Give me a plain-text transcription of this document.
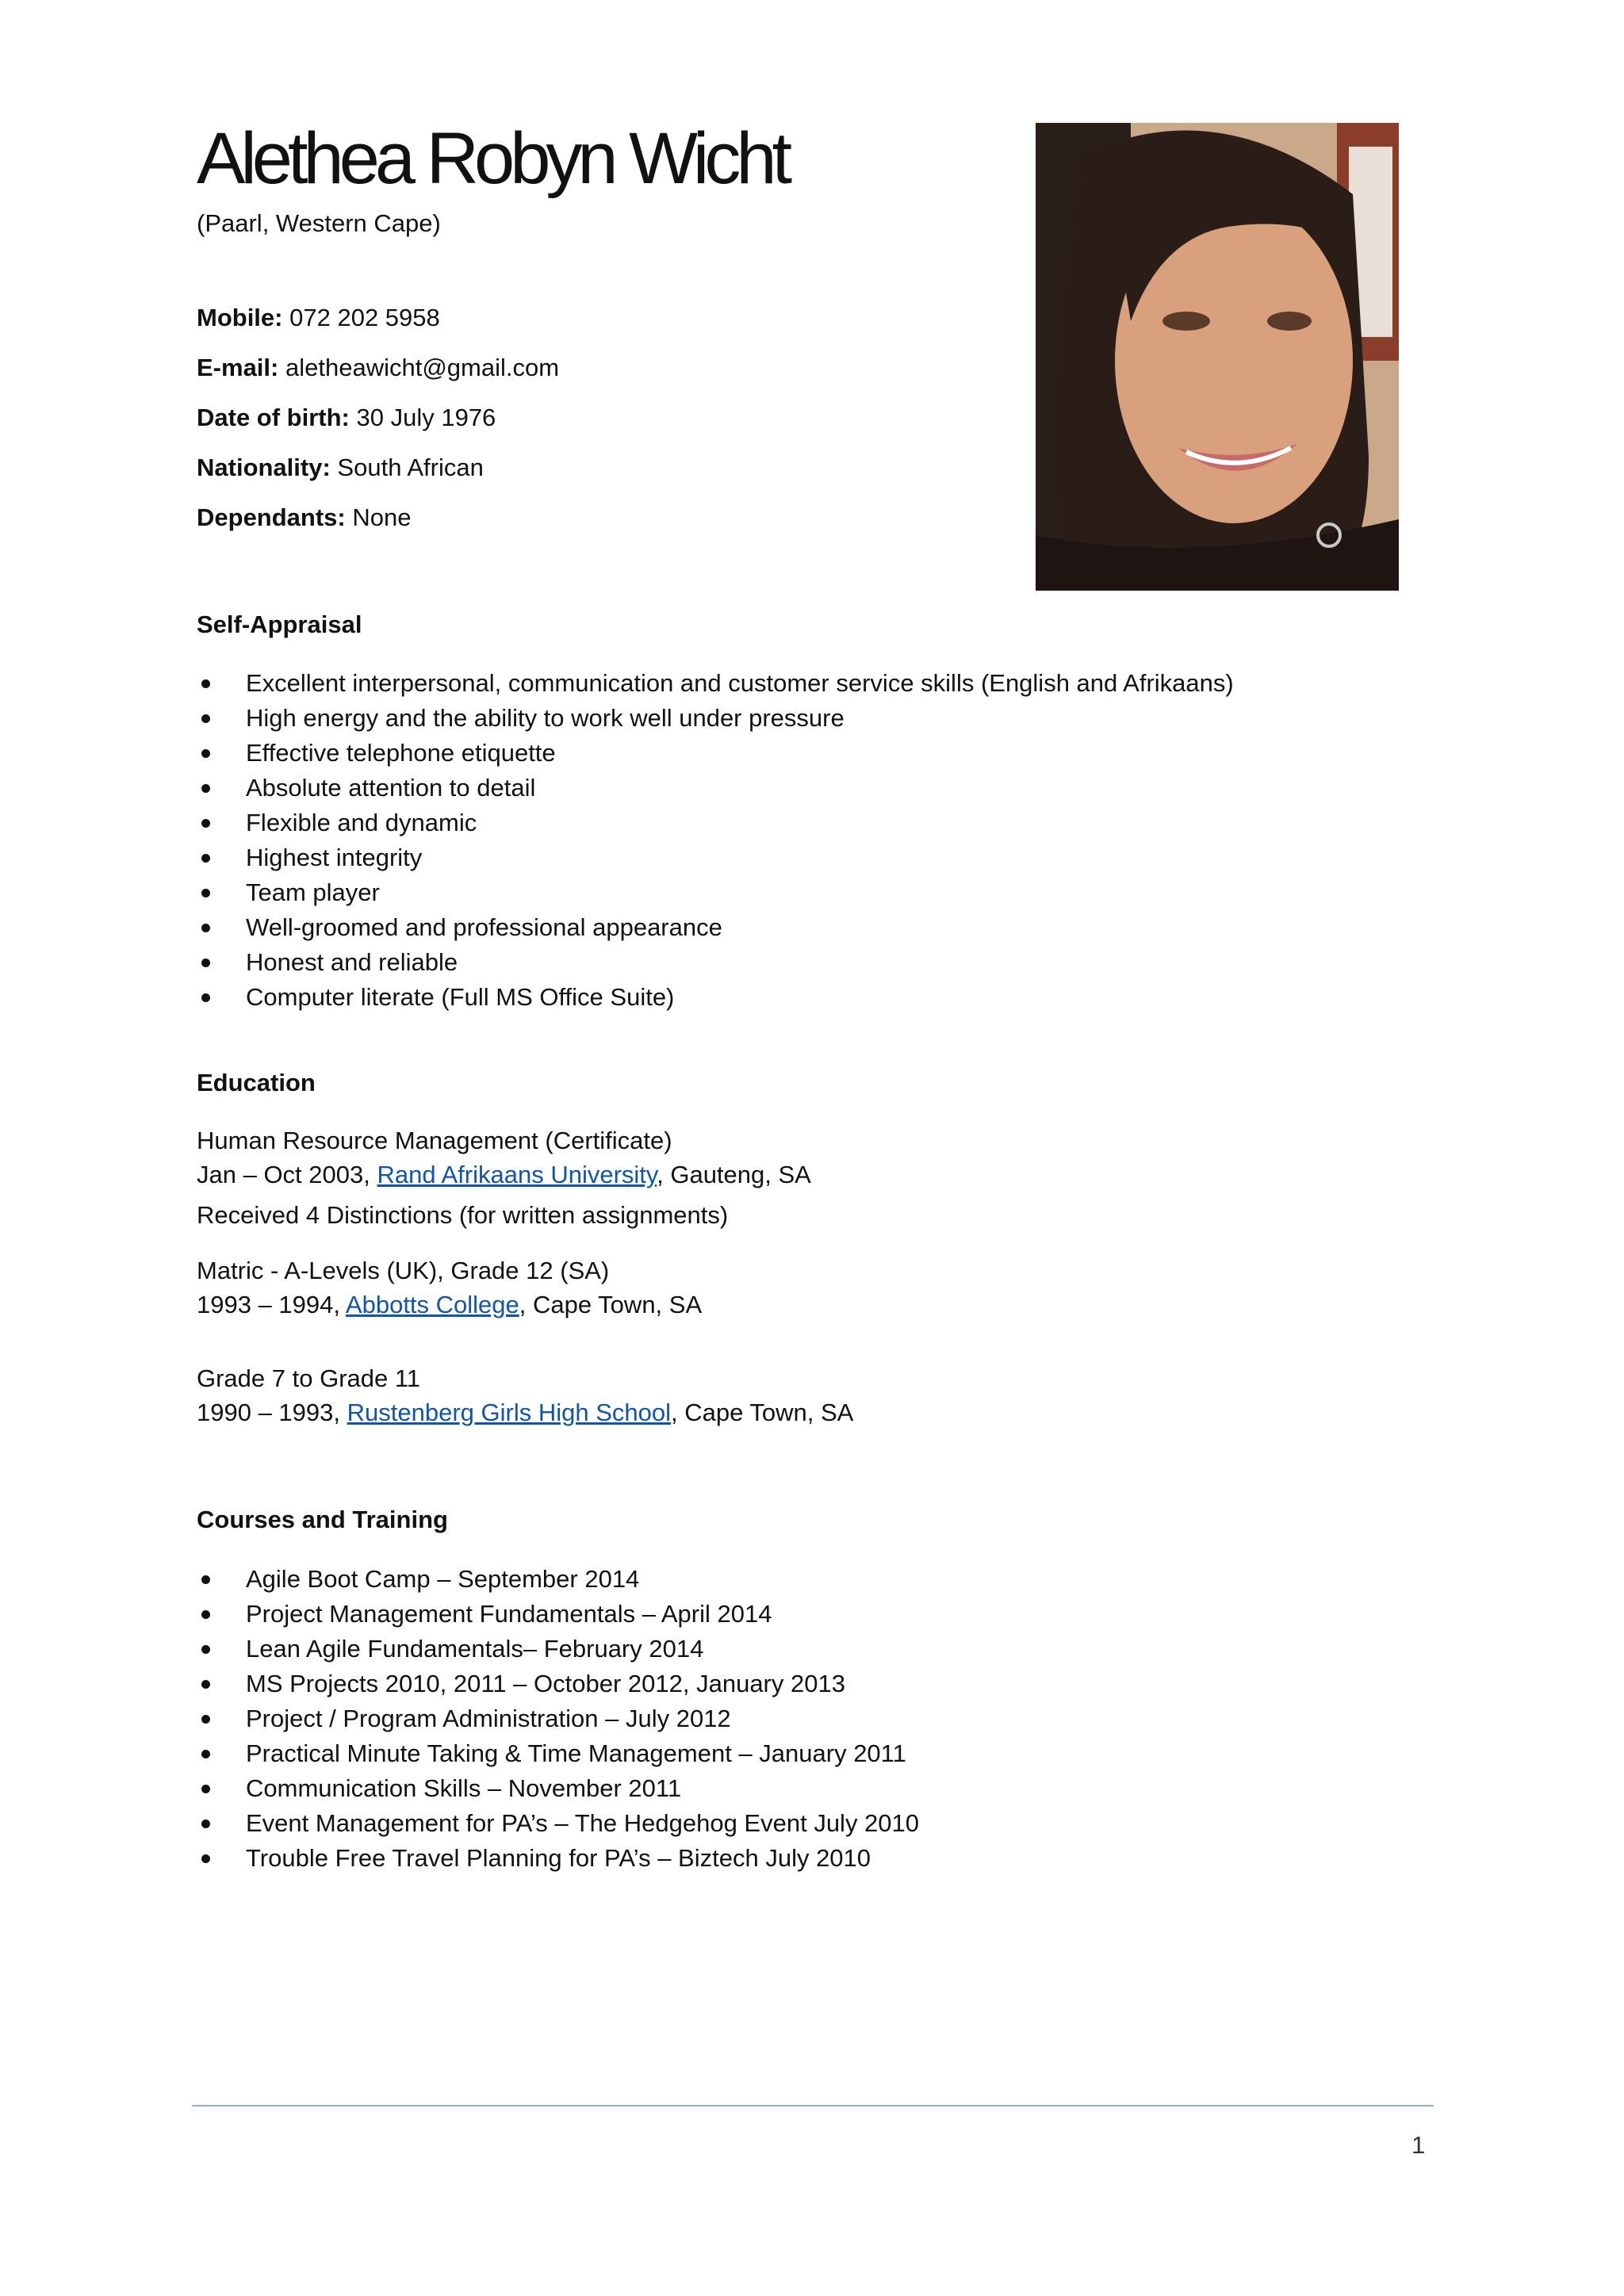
Alethea Robyn Wicht
(Paarl, Western Cape)
Mobile: 072 202 5958
E-mail: aletheawicht@gmail.com
Date of birth: 30 July 1976
Nationality: South African
Dependants: None
Self-Appraisal
Excellent interpersonal, communication and customer service skills (English and Afrikaans)
High energy and the ability to work well under pressure
Effective telephone etiquette
Absolute attention to detail
Flexible and dynamic
Highest integrity
Team player
Well-groomed and professional appearance
Honest and reliable
Computer literate (Full MS Office Suite)
Education
Human Resource Management (Certificate)
Jan – Oct 2003, Rand Afrikaans University, Gauteng, SA
Received 4 Distinctions (for written assignments)
Matric - A-Levels (UK), Grade 12 (SA)
1993 – 1994, Abbotts College, Cape Town, SA
Grade 7 to Grade 11
1990 – 1993, Rustenberg Girls High School, Cape Town, SA
Courses and Training
Agile Boot Camp – September 2014
Project Management Fundamentals – April 2014
Lean Agile Fundamentals– February 2014
MS Projects 2010, 2011 – October 2012, January 2013
Project / Program Administration – July 2012
Practical Minute Taking & Time Management – January 2011
Communication Skills – November 2011
Event Management for PA’s – The Hedgehog Event July 2010
Trouble Free Travel Planning for PA’s – Biztech July 2010
1
